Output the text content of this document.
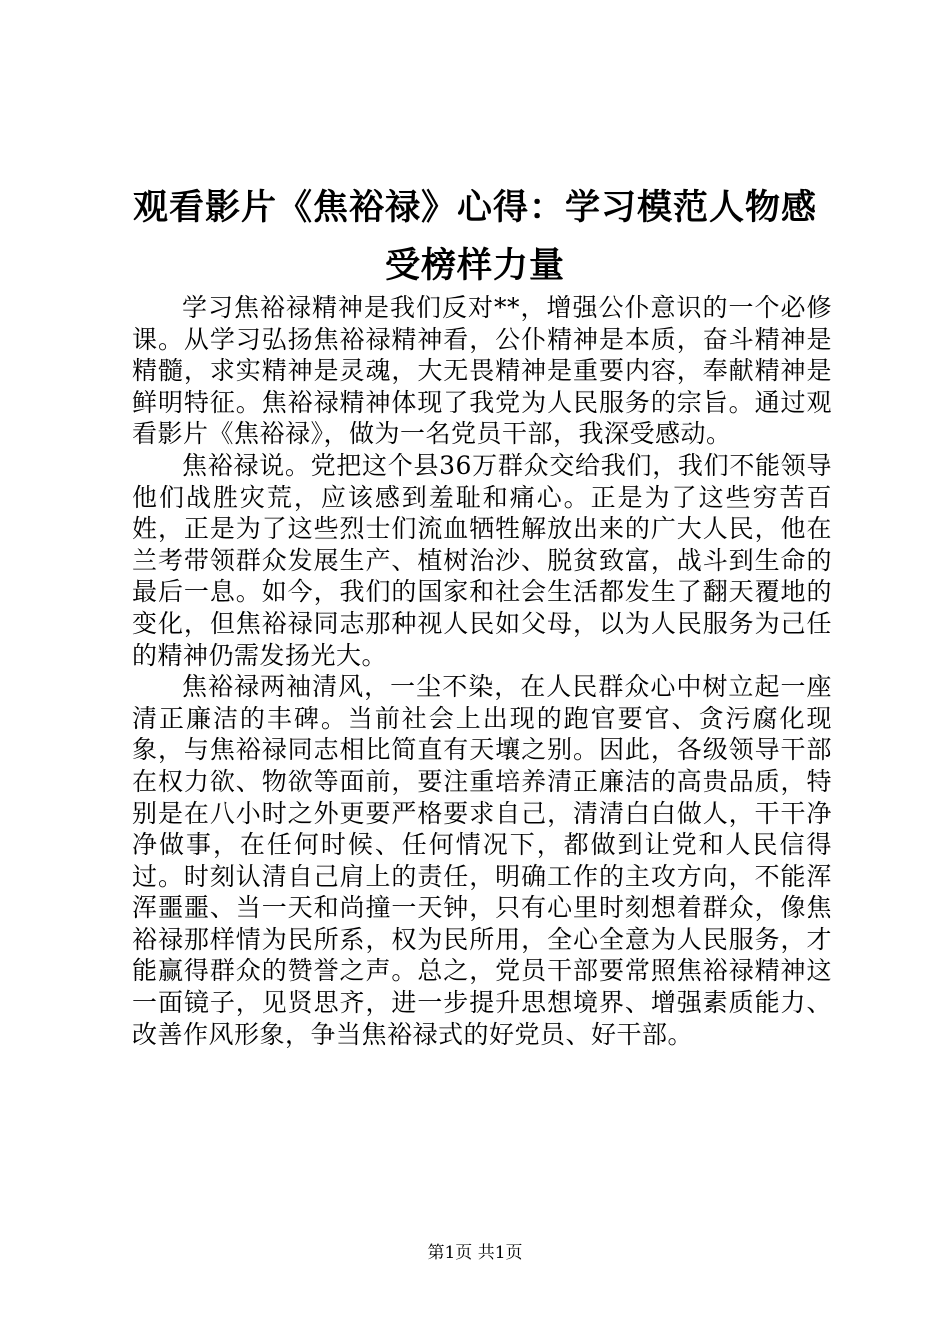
观看影片《焦裕禄》心得：学习模范人物感受榜样力量

学习焦裕禄精神是我们反对**，增强公仆意识的一个必修课。从学习弘扬焦裕禄精神看，公仆精神是本质，奋斗精神是精髓，求实精神是灵魂，大无畏精神是重要内容，奉献精神是鲜明特征。焦裕禄精神体现了我党为人民服务的宗旨。通过观看影片《焦裕禄》，做为一名党员干部，我深受感动。

焦裕禄说。党把这个县36万群众交给我们，我们不能领导他们战胜灾荒，应该感到羞耻和痛心。正是为了这些穷苦百姓，正是为了这些烈士们流血牺牲解放出来的广大人民，他在兰考带领群众发展生产、植树治沙、脱贫致富，战斗到生命的最后一息。如今，我们的国家和社会生活都发生了翻天覆地的变化，但焦裕禄同志那种视人民如父母，以为人民服务为己任的精神仍需发扬光大。

焦裕禄两袖清风，一尘不染，在人民群众心中树立起一座清正廉洁的丰碑。当前社会上出现的跑官要官、贪污腐化现象，与焦裕禄同志相比简直有天壤之别。因此，各级领导干部在权力欲、物欲等面前，要注重培养清正廉洁的高贵品质，特别是在八小时之外更要严格要求自己，清清白白做人，干干净净做事，在任何时候、任何情况下，都做到让党和人民信得过。时刻认清自己肩上的责任，明确工作的主攻方向，不能浑浑噩噩、当一天和尚撞一天钟，只有心里时刻想着群众，像焦裕禄那样情为民所系，权为民所用，全心全意为人民服务，才能赢得群众的赞誉之声。总之，党员干部要常照焦裕禄精神这一面镜子，见贤思齐，进一步提升思想境界、增强素质能力、改善作风形象，争当焦裕禄式的好党员、好干部。

第1页 共1页
